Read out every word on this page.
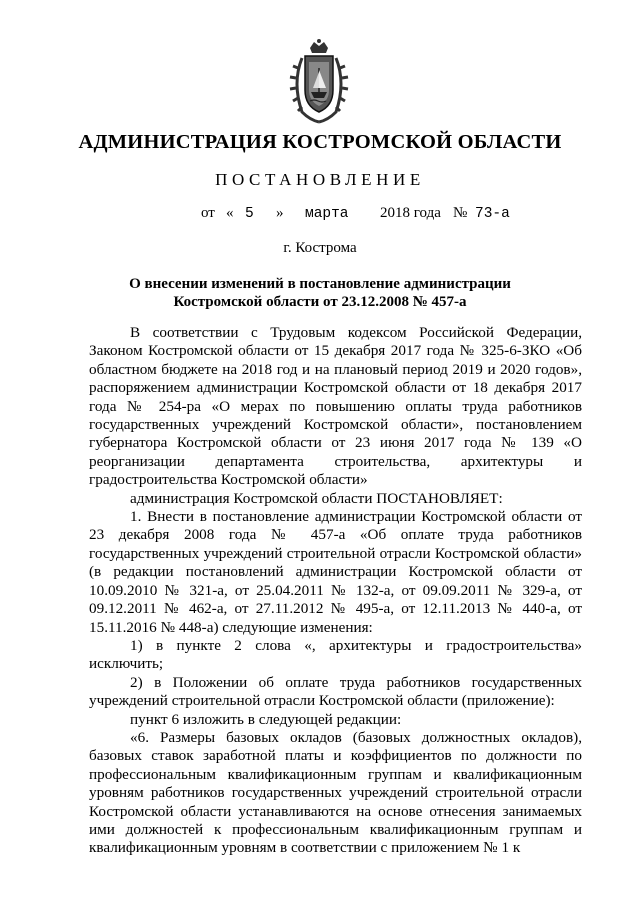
АДМИНИСТРАЦИЯ КОСТРОМСКОЙ ОБЛАСТИ
ПОСТАНОВЛЕНИЕ
от « 5 » марта 2018 года № 73-а
г. Кострома
О внесении изменений в постановление администрации
Костромской области от 23.12.2008 № 457-а

В соответствии с Трудовым кодексом Российской Федерации, Законом Костромской области от 15 декабря 2017 года № 325-6-ЗКО «Об областном бюджете на 2018 год и на плановый период 2019 и 2020 годов», распоряжением администрации Костромской области от 18 декабря 2017 года № 254-ра «О мерах по повышению оплаты труда работников государственных учреждений Костромской области», постановлением губернатора Костромской области от 23 июня 2017 года № 139 «О реорганизации департамента строительства, архитектуры и градостроительства Костромской области»

администрация Костромской области ПОСТАНОВЛЯЕТ:

1. Внести в постановление администрации Костромской области от 23 декабря 2008 года № 457-а «Об оплате труда работников государственных учреждений строительной отрасли Костромской области» (в редакции постановлений администрации Костромской области от 10.09.2010 № 321-а, от 25.04.2011 № 132-а, от 09.09.2011 № 329-а, от 09.12.2011 № 462-а, от 27.11.2012 № 495-а, от 12.11.2013 № 440-а, от 15.11.2016 № 448-а) следующие изменения:

1) в пункте 2 слова «, архитектуры и градостроительства» исключить;

2) в Положении об оплате труда работников государственных учреждений строительной отрасли Костромской области (приложение):

пункт 6 изложить в следующей редакции:

«6. Размеры базовых окладов (базовых должностных окладов), базовых ставок заработной платы и коэффициентов по должности по профессиональным квалификационным группам и квалификационным уровням работников государственных учреждений строительной отрасли Костромской области устанавливаются на основе отнесения занимаемых ими должностей к профессиональным квалификационным группам и квалификационным уровням в соответствии с приложением № 1 к
